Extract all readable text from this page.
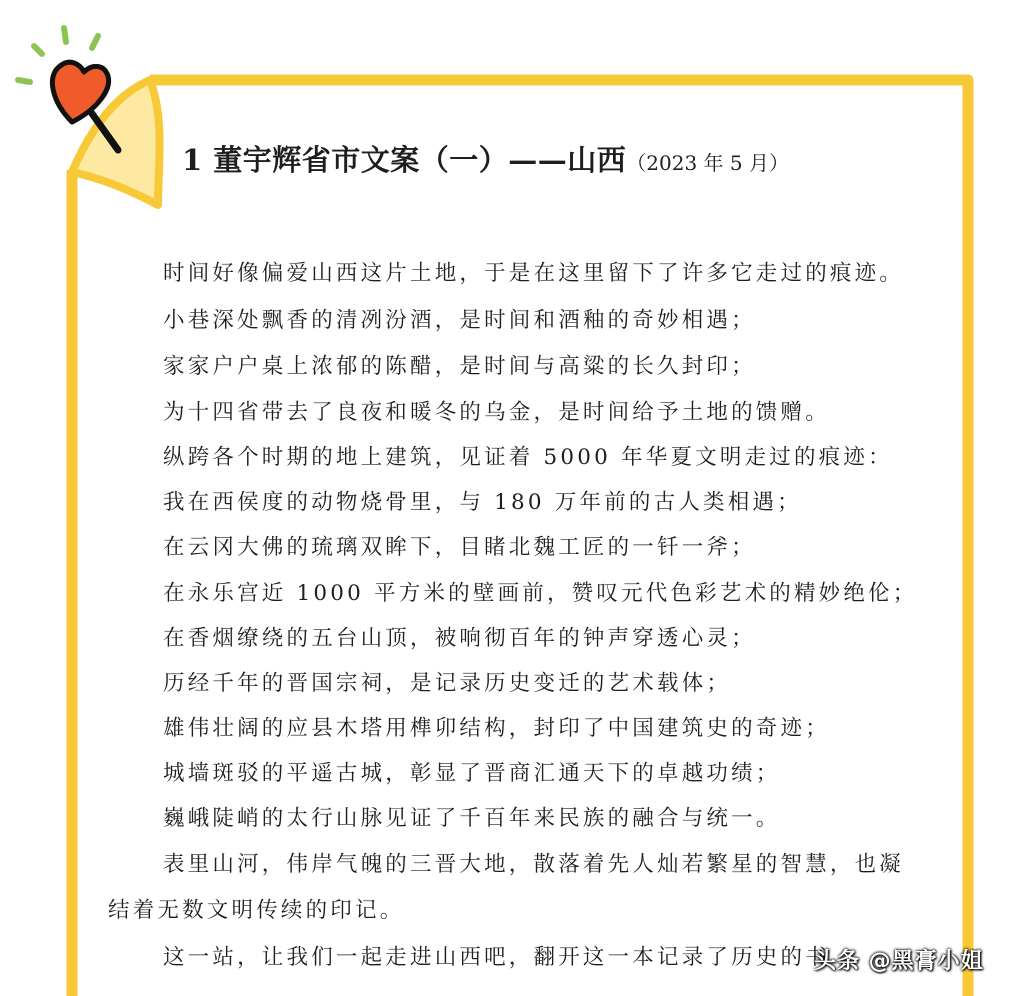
1 董宇辉省市文案（一）——山西（2023 年 5 月）
时间好像偏爱山西这片土地，于是在这里留下了许多它走过的痕迹。
小巷深处飘香的清冽汾酒，是时间和酒釉的奇妙相遇；
家家户户桌上浓郁的陈醋，是时间与高粱的长久封印；
为十四省带去了良夜和暖冬的乌金，是时间给予土地的馈赠。
纵跨各个时期的地上建筑，见证着 5000 年华夏文明走过的痕迹：
我在西侯度的动物烧骨里，与 180 万年前的古人类相遇；
在云冈大佛的琉璃双眸下，目睹北魏工匠的一钎一斧；
在永乐宫近 1000 平方米的壁画前，赞叹元代色彩艺术的精妙绝伦；
在香烟缭绕的五台山顶，被响彻百年的钟声穿透心灵；
历经千年的晋国宗祠，是记录历史变迁的艺术载体；
雄伟壮阔的应县木塔用榫卯结构，封印了中国建筑史的奇迹；
城墙斑驳的平遥古城，彰显了晋商汇通天下的卓越功绩；
巍峨陡峭的太行山脉见证了千百年来民族的融合与统一。
表里山河，伟岸气魄的三晋大地，散落着先人灿若繁星的智慧，也凝
结着无数文明传续的印记。
这一站，让我们一起走进山西吧，翻开这一本记录了历史的书
头条 @黑膏小姐
